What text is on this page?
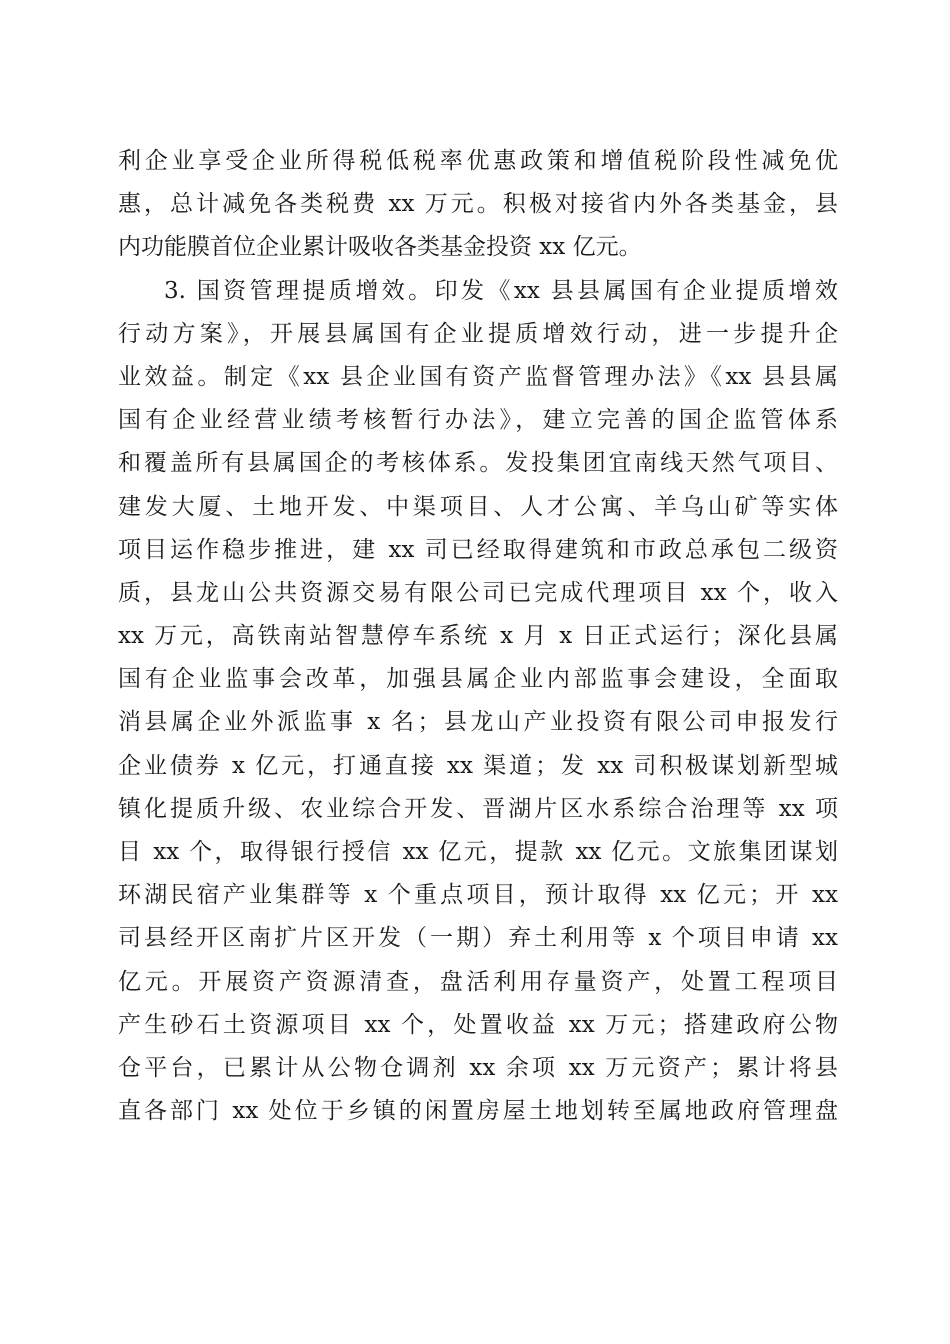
利企业享受企业所得税低税率优惠政策和增值税阶段性减免优
惠，总计减免各类税费 xx 万元。积极对接省内外各类基金，县
内功能膜首位企业累计吸收各类基金投资 xx 亿元。
3. 国资管理提质增效。印发《xx 县县属国有企业提质增效
行动方案》，开展县属国有企业提质增效行动，进一步提升企
业效益。制定《xx 县企业国有资产监督管理办法》《xx 县县属
国有企业经营业绩考核暂行办法》，建立完善的国企监管体系
和覆盖所有县属国企的考核体系。发投集团宜南线天然气项目、
建发大厦、土地开发、中渠项目、人才公寓、羊乌山矿等实体
项目运作稳步推进，建 xx 司已经取得建筑和市政总承包二级资
质，县龙山公共资源交易有限公司已完成代理项目 xx 个，收入
xx 万元，高铁南站智慧停车系统 x 月 x 日正式运行；深化县属
国有企业监事会改革，加强县属企业内部监事会建设，全面取
消县属企业外派监事 x 名；县龙山产业投资有限公司申报发行
企业债券 x 亿元，打通直接 xx 渠道；发 xx 司积极谋划新型城
镇化提质升级、农业综合开发、晋湖片区水系综合治理等 xx 项
目 xx 个，取得银行授信 xx 亿元，提款 xx 亿元。文旅集团谋划
环湖民宿产业集群等 x 个重点项目，预计取得 xx 亿元；开 xx
司县经开区南扩片区开发（一期）弃土利用等 x 个项目申请 xx
亿元。开展资产资源清查，盘活利用存量资产，处置工程项目
产生砂石土资源项目 xx 个，处置收益 xx 万元；搭建政府公物
仓平台，已累计从公物仓调剂 xx 余项 xx 万元资产；累计将县
直各部门 xx 处位于乡镇的闲置房屋土地划转至属地政府管理盘
